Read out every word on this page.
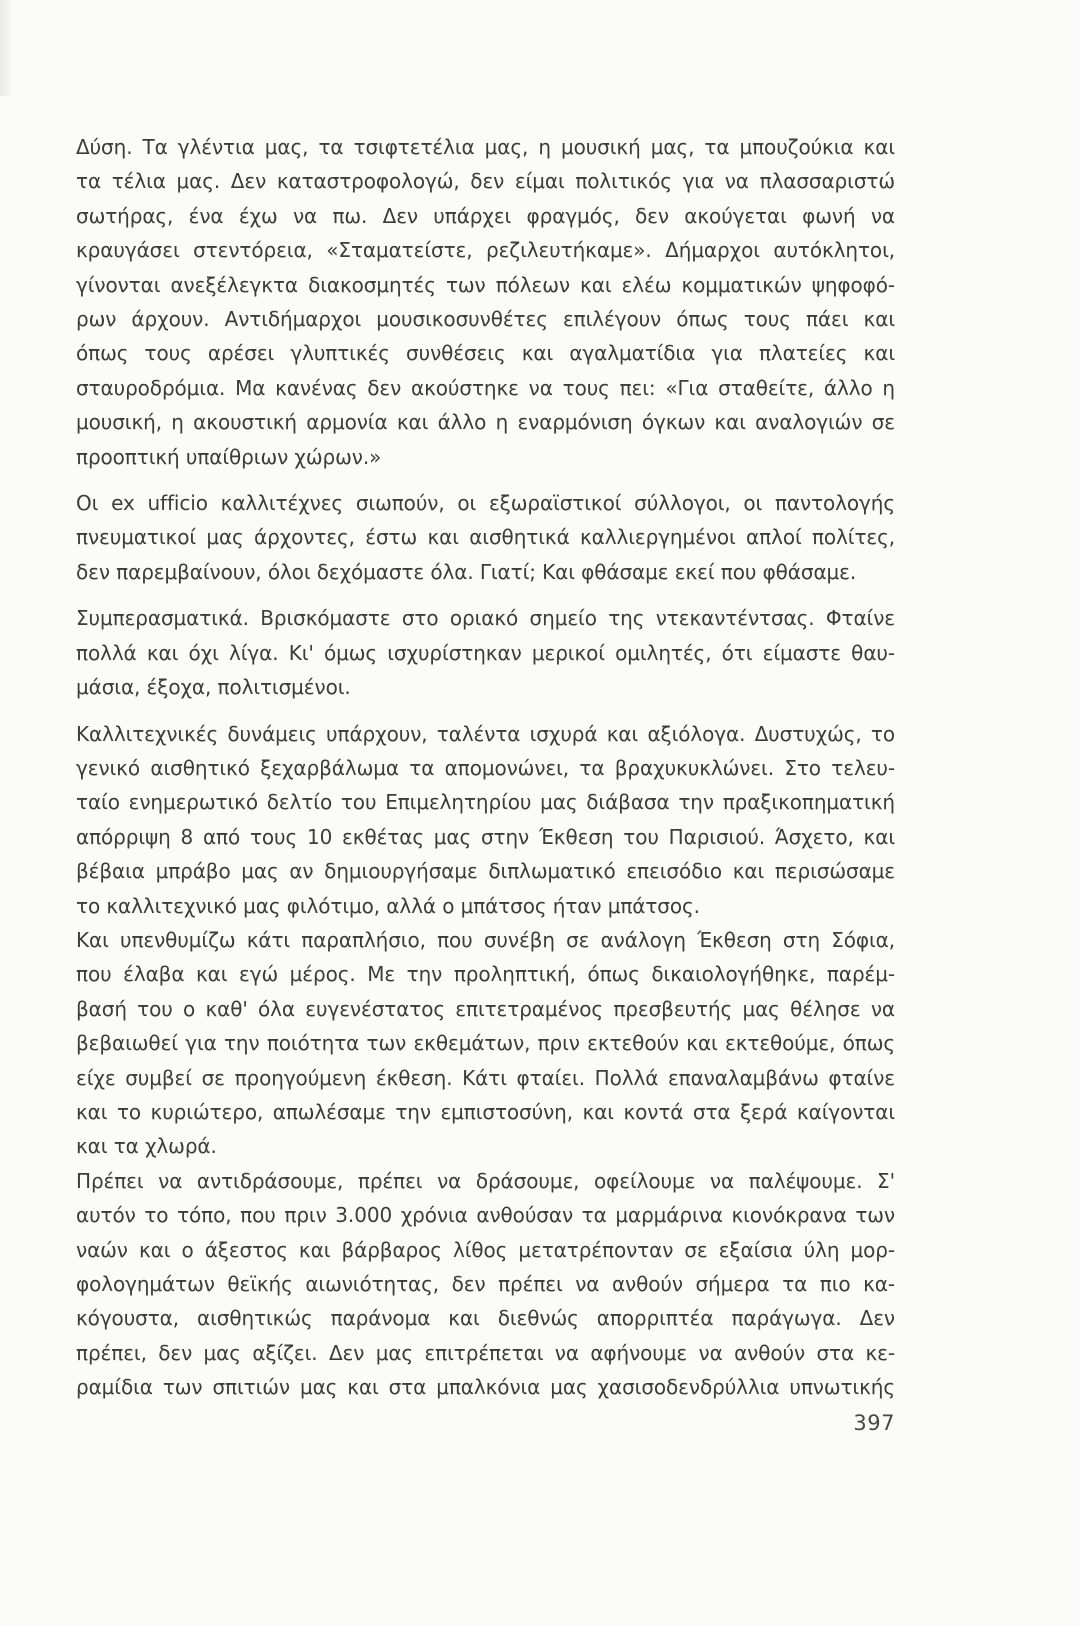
Δύση. Τα γλέντια μας, τα τσιφτετέλια μας, η μουσική μας, τα μπουζούκια και
τα τέλια μας. Δεν καταστροφολογώ, δεν είμαι πολιτικός για να πλασσαριστώ
σωτήρας, ένα έχω να πω. Δεν υπάρχει φραγμός, δεν ακούγεται φωνή να
κραυγάσει στεντόρεια, «Σταματείστε, ρεζιλευτήκαμε». Δήμαρχοι αυτόκλητοι,
γίνονται ανεξέλεγκτα διακοσμητές των πόλεων και ελέω κομματικών ψηφοφό-
ρων άρχουν. Αντιδήμαρχοι μουσικοσυνθέτες επιλέγουν όπως τους πάει και
όπως τους αρέσει γλυπτικές συνθέσεις και αγαλματίδια για πλατείες και
σταυροδρόμια. Μα κανένας δεν ακούστηκε να τους πει: «Για σταθείτε, άλλο η
μουσική, η ακουστική αρμονία και άλλο η εναρμόνιση όγκων και αναλογιών σε
προοπτική υπαίθριων χώρων.»
Οι ex ufficio καλλιτέχνες σιωπούν, οι εξωραϊστικοί σύλλογοι, οι παντολογής
πνευματικοί μας άρχοντες, έστω και αισθητικά καλλιεργημένοι απλοί πολίτες,
δεν παρεμβαίνουν, όλοι δεχόμαστε όλα. Γιατί; Και φθάσαμε εκεί που φθάσαμε.
Συμπερασματικά. Βρισκόμαστε στο οριακό σημείο της ντεκαντέντσας. Φταίνε
πολλά και όχι λίγα. Κι' όμως ισχυρίστηκαν μερικοί ομιλητές, ότι είμαστε θαυ-
μάσια, έξοχα, πολιτισμένοι.
Καλλιτεχνικές δυνάμεις υπάρχουν, ταλέντα ισχυρά και αξιόλογα. Δυστυχώς, το
γενικό αισθητικό ξεχαρβάλωμα τα απομονώνει, τα βραχυκυκλώνει. Στο τελευ-
ταίο ενημερωτικό δελτίο του Επιμελητηρίου μας διάβασα την πραξικοπηματική
απόρριψη 8 από τους 10 εκθέτας μας στην Έκθεση του Παρισιού. Άσχετο, και
βέβαια μπράβο μας αν δημιουργήσαμε διπλωματικό επεισόδιο και περισώσαμε
το καλλιτεχνικό μας φιλότιμο, αλλά ο μπάτσος ήταν μπάτσος.
Και υπενθυμίζω κάτι παραπλήσιο, που συνέβη σε ανάλογη Έκθεση στη Σόφια,
που έλαβα και εγώ μέρος. Με την προληπτική, όπως δικαιολογήθηκε, παρέμ-
βασή του ο καθ' όλα ευγενέστατος επιτετραμένος πρεσβευτής μας θέλησε να
βεβαιωθεί για την ποιότητα των εκθεμάτων, πριν εκτεθούν και εκτεθούμε, όπως
είχε συμβεί σε προηγούμενη έκθεση. Κάτι φταίει. Πολλά επαναλαμβάνω φταίνε
και το κυριώτερο, απωλέσαμε την εμπιστοσύνη, και κοντά στα ξερά καίγονται
και τα χλωρά.
Πρέπει να αντιδράσουμε, πρέπει να δράσουμε, οφείλουμε να παλέψουμε. Σ'
αυτόν το τόπο, που πριν 3.000 χρόνια ανθούσαν τα μαρμάρινα κιονόκρανα των
ναών και ο άξεστος και βάρβαρος λίθος μετατρέπονταν σε εξαίσια ύλη μορ-
φολογημάτων θεϊκής αιωνιότητας, δεν πρέπει να ανθούν σήμερα τα πιο κα-
κόγουστα, αισθητικώς παράνομα και διεθνώς απορριπτέα παράγωγα. Δεν
πρέπει, δεν μας αξίζει. Δεν μας επιτρέπεται να αφήνουμε να ανθούν στα κε-
ραμίδια των σπιτιών μας και στα μπαλκόνια μας χασισοδενδρύλλια υπνωτικής
397
